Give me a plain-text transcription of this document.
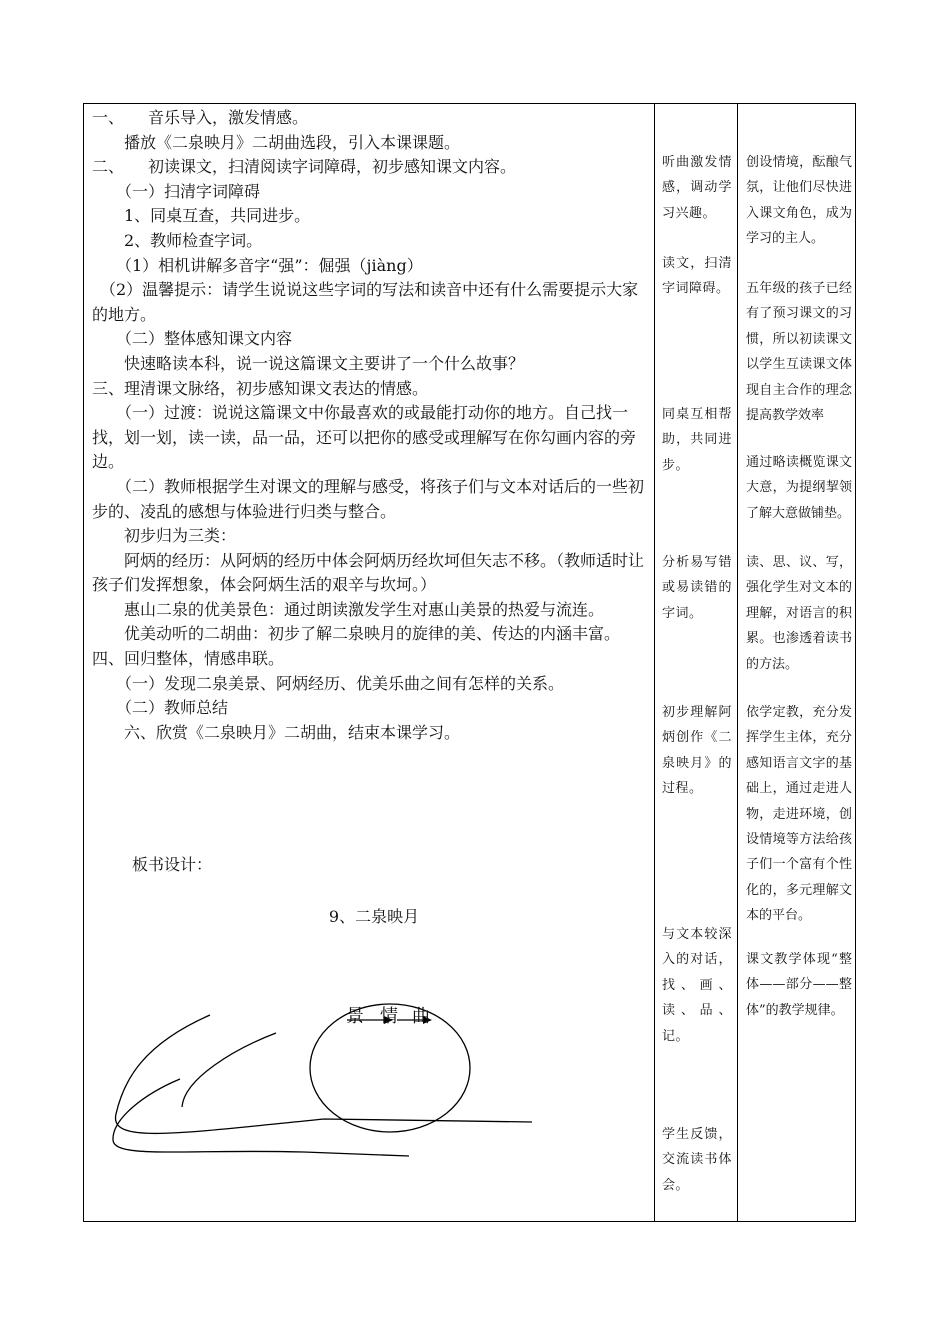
一、　　音乐导入，激发情感。

　　播放《二泉映月》二胡曲选段，引入本课课题。

二、　　初读课文，扫清阅读字词障碍，初步感知课文内容。

　　（一）扫清字词障碍

　　1、同桌互查，共同进步。

　　2、教师检查字词。

　　（1）相机讲解多音字“强”：倔强（jiàng）

　（2）温馨提示：请学生说说这些字词的写法和读音中还有什么需要提示大家的地方。

　　（二）整体感知课文内容

　　快速略读本科，说一说这篇课文主要讲了一个什么故事？

三、理清课文脉络，初步感知课文表达的情感。

　　（一）过渡：说说这篇课文中你最喜欢的或最能打动你的地方。自己找一找，划一划，读一读，品一品，还可以把你的感受或理解写在你勾画内容的旁边。

　　（二）教师根据学生对课文的理解与感受，将孩子们与文本对话后的一些初步的、凌乱的感想与体验进行归类与整合。

　　初步归为三类：

　　阿炳的经历：从阿炳的经历中体会阿炳历经坎坷但矢志不移。（教师适时让孩子们发挥想象，体会阿炳生活的艰辛与坎坷。）

　　惠山二泉的优美景色：通过朗读激发学生对惠山美景的热爱与流连。

　　优美动听的二胡曲：初步了解二泉映月的旋律的美、传达的内涵丰富。

四、回归整体，情感串联。

　　（一）发现二泉美景、阿炳经历、优美乐曲之间有怎样的关系。

　　（二）教师总结

　　六、欣赏《二泉映月》二胡曲，结束本课学习。

板书设计：
9、二泉映月
景 情 曲

听曲激发情感，调动学习兴趣。

读文，扫清字词障碍。

同桌互相帮助，共同进步。

分析易写错或易读错的字词。

初步理解阿炳创作《二泉映月》的过程。

与文本较深入的对话，找、画、读、品、记。

学生反馈，交流读书体会。

创设情境，酝酿气氛，让他们尽快进入课文角色，成为学习的主人。

五年级的孩子已经有了预习课文的习惯，所以初读课文以学生互读课文体现自主合作的理念提高教学效率

通过略读概览课文大意，为提纲挈领了解大意做铺垫。

读、思、议、写，强化学生对文本的理解，对语言的积累。也渗透着读书的方法。

依学定教，充分发挥学生主体，充分感知语言文字的基础上，通过走进人物，走进环境，创设情境等方法给孩子们一个富有个性化的，多元理解文本的平台。

课文教学体现“整体——部分——整体”的教学规律。
